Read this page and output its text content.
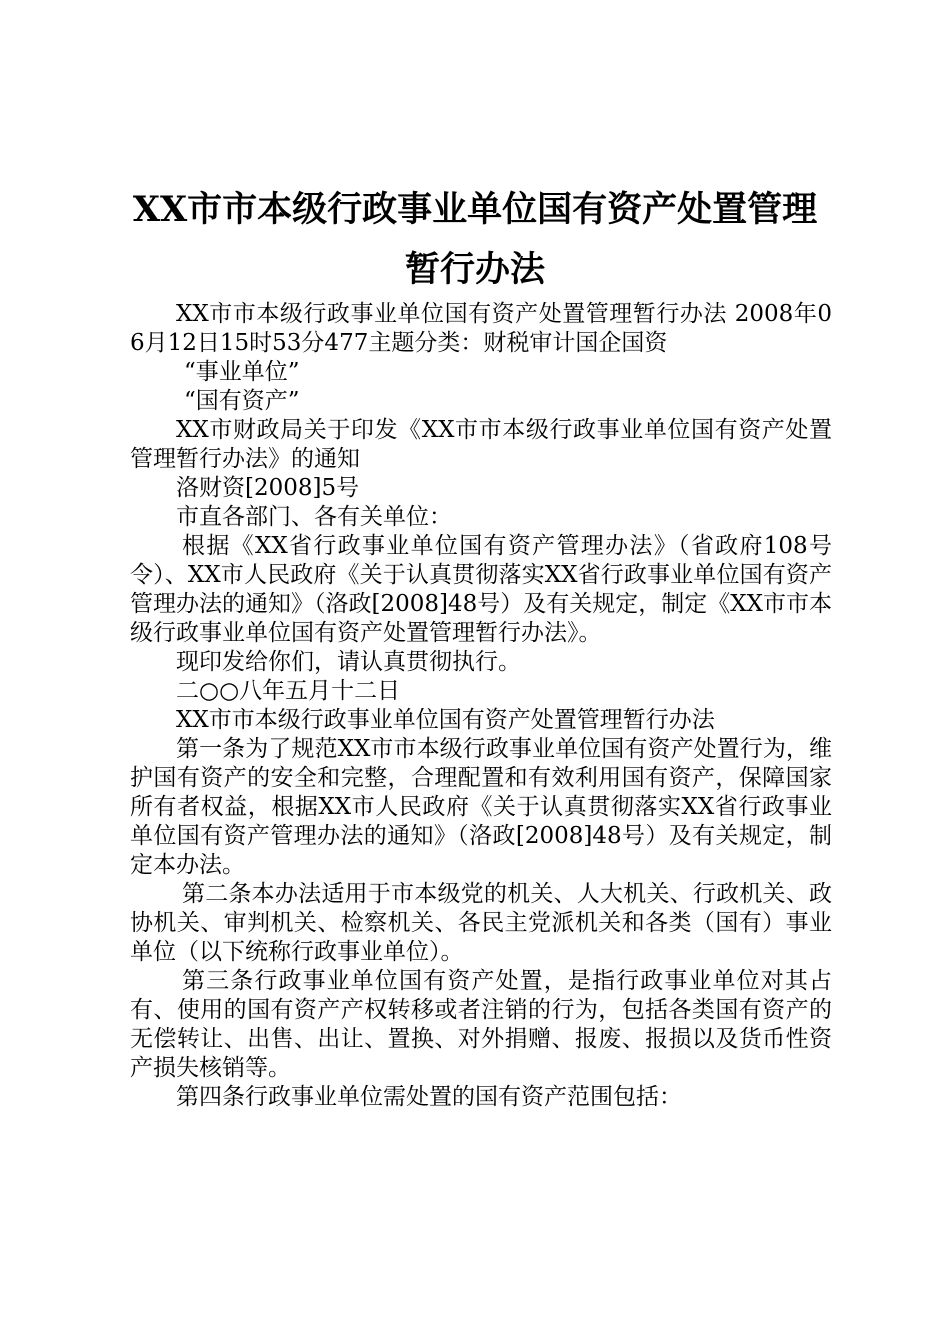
XX市市本级行政事业单位国有资产处置管理
暂行办法

XX市市本级行政事业单位国有资产处置管理暂行办法 2008年06月12日15时53分477主题分类：财税审计国企国资

“事业单位”

“国有资产”

XX市财政局关于印发《XX市市本级行政事业单位国有资产处置管理暂行办法》的通知

洛财资[2008]5号

市直各部门、各有关单位：

根据《XX省行政事业单位国有资产管理办法》（省政府108号令）、XX市人民政府《关于认真贯彻落实XX省行政事业单位国有资产管理办法的通知》（洛政[2008]48号）及有关规定，制定《XX市市本级行政事业单位国有资产处置管理暂行办法》。

现印发给你们，请认真贯彻执行。

二○○八年五月十二日

XX市市本级行政事业单位国有资产处置管理暂行办法

第一条为了规范XX市市本级行政事业单位国有资产处置行为，维护国有资产的安全和完整，合理配置和有效利用国有资产，保障国家所有者权益，根据XX市人民政府《关于认真贯彻落实XX省行政事业单位国有资产管理办法的通知》（洛政[2008]48号）及有关规定，制定本办法。

第二条本办法适用于市本级党的机关、人大机关、行政机关、政协机关、审判机关、检察机关、各民主党派机关和各类（国有）事业单位（以下统称行政事业单位）。

第三条行政事业单位国有资产处置，是指行政事业单位对其占有、使用的国有资产产权转移或者注销的行为，包括各类国有资产的无偿转让、出售、出让、置换、对外捐赠、报废、报损以及货币性资产损失核销等。

第四条行政事业单位需处置的国有资产范围包括：
